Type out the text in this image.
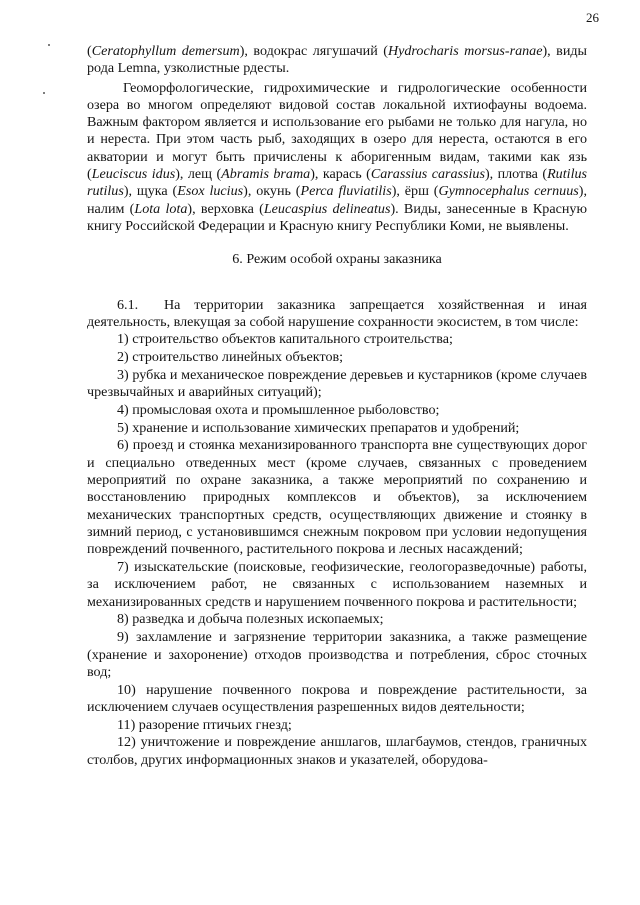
26

(Ceratophyllum demersum), водокрас лягушачий (Hydrocharis morsus-ranae), виды рода Lemna, узколистные рдесты.

Геоморфологические, гидрохимические и гидрологические особенности озера во многом определяют видовой состав локальной ихтиофауны водоема. Важным фактором является и использование его рыбами не только для нагула, но и нереста. При этом часть рыб, заходящих в озеро для нереста, остаются в его акватории и могут быть причислены к аборигенным видам, такими как язь (Leuciscus idus), лещ (Abramis brama), карась (Carassius carassius), плотва (Rutilus rutilus), щука (Esox lucius), окунь (Perca fluviatilis), ёрш (Gymnocephalus cernuus), налим (Lota lota), верховка (Leucaspius delineatus). Виды, занесенные в Красную книгу Российской Федерации и Красную книгу Республики Коми, не выявлены.

6. Режим особой охраны заказника

6.1. На территории заказника запрещается хозяйственная и иная деятельность, влекущая за собой нарушение сохранности экосистем, в том числе:

1) строительство объектов капитального строительства;

2) строительство линейных объектов;

3) рубка и механическое повреждение деревьев и кустарников (кроме случаев чрезвычайных и аварийных ситуаций);

4) промысловая охота и промышленное рыболовство;

5) хранение и использование химических препаратов и удобрений;

6) проезд и стоянка механизированного транспорта вне существующих дорог и специально отведенных мест (кроме случаев, связанных с проведением мероприятий по охране заказника, а также мероприятий по сохранению и восстановлению природных комплексов и объектов), за исключением механических транспортных средств, осуществляющих движение и стоянку в зимний период, с установившимся снежным покровом при условии недопущения повреждений почвенного, растительного покрова и лесных насаждений;

7) изыскательские (поисковые, геофизические, геологоразведочные) работы, за исключением работ, не связанных с использованием наземных и механизированных средств и нарушением почвенного покрова и растительности;

8) разведка и добыча полезных ископаемых;

9) захламление и загрязнение территории заказника, а также размещение (хранение и захоронение) отходов производства и потребления, сброс сточных вод;

10) нарушение почвенного покрова и повреждение растительности, за исключением случаев осуществления разрешенных видов деятельности;

11) разорение птичьих гнезд;

12) уничтожение и повреждение аншлагов, шлагбаумов, стендов, граничных столбов, других информационных знаков и указателей, оборудова-
